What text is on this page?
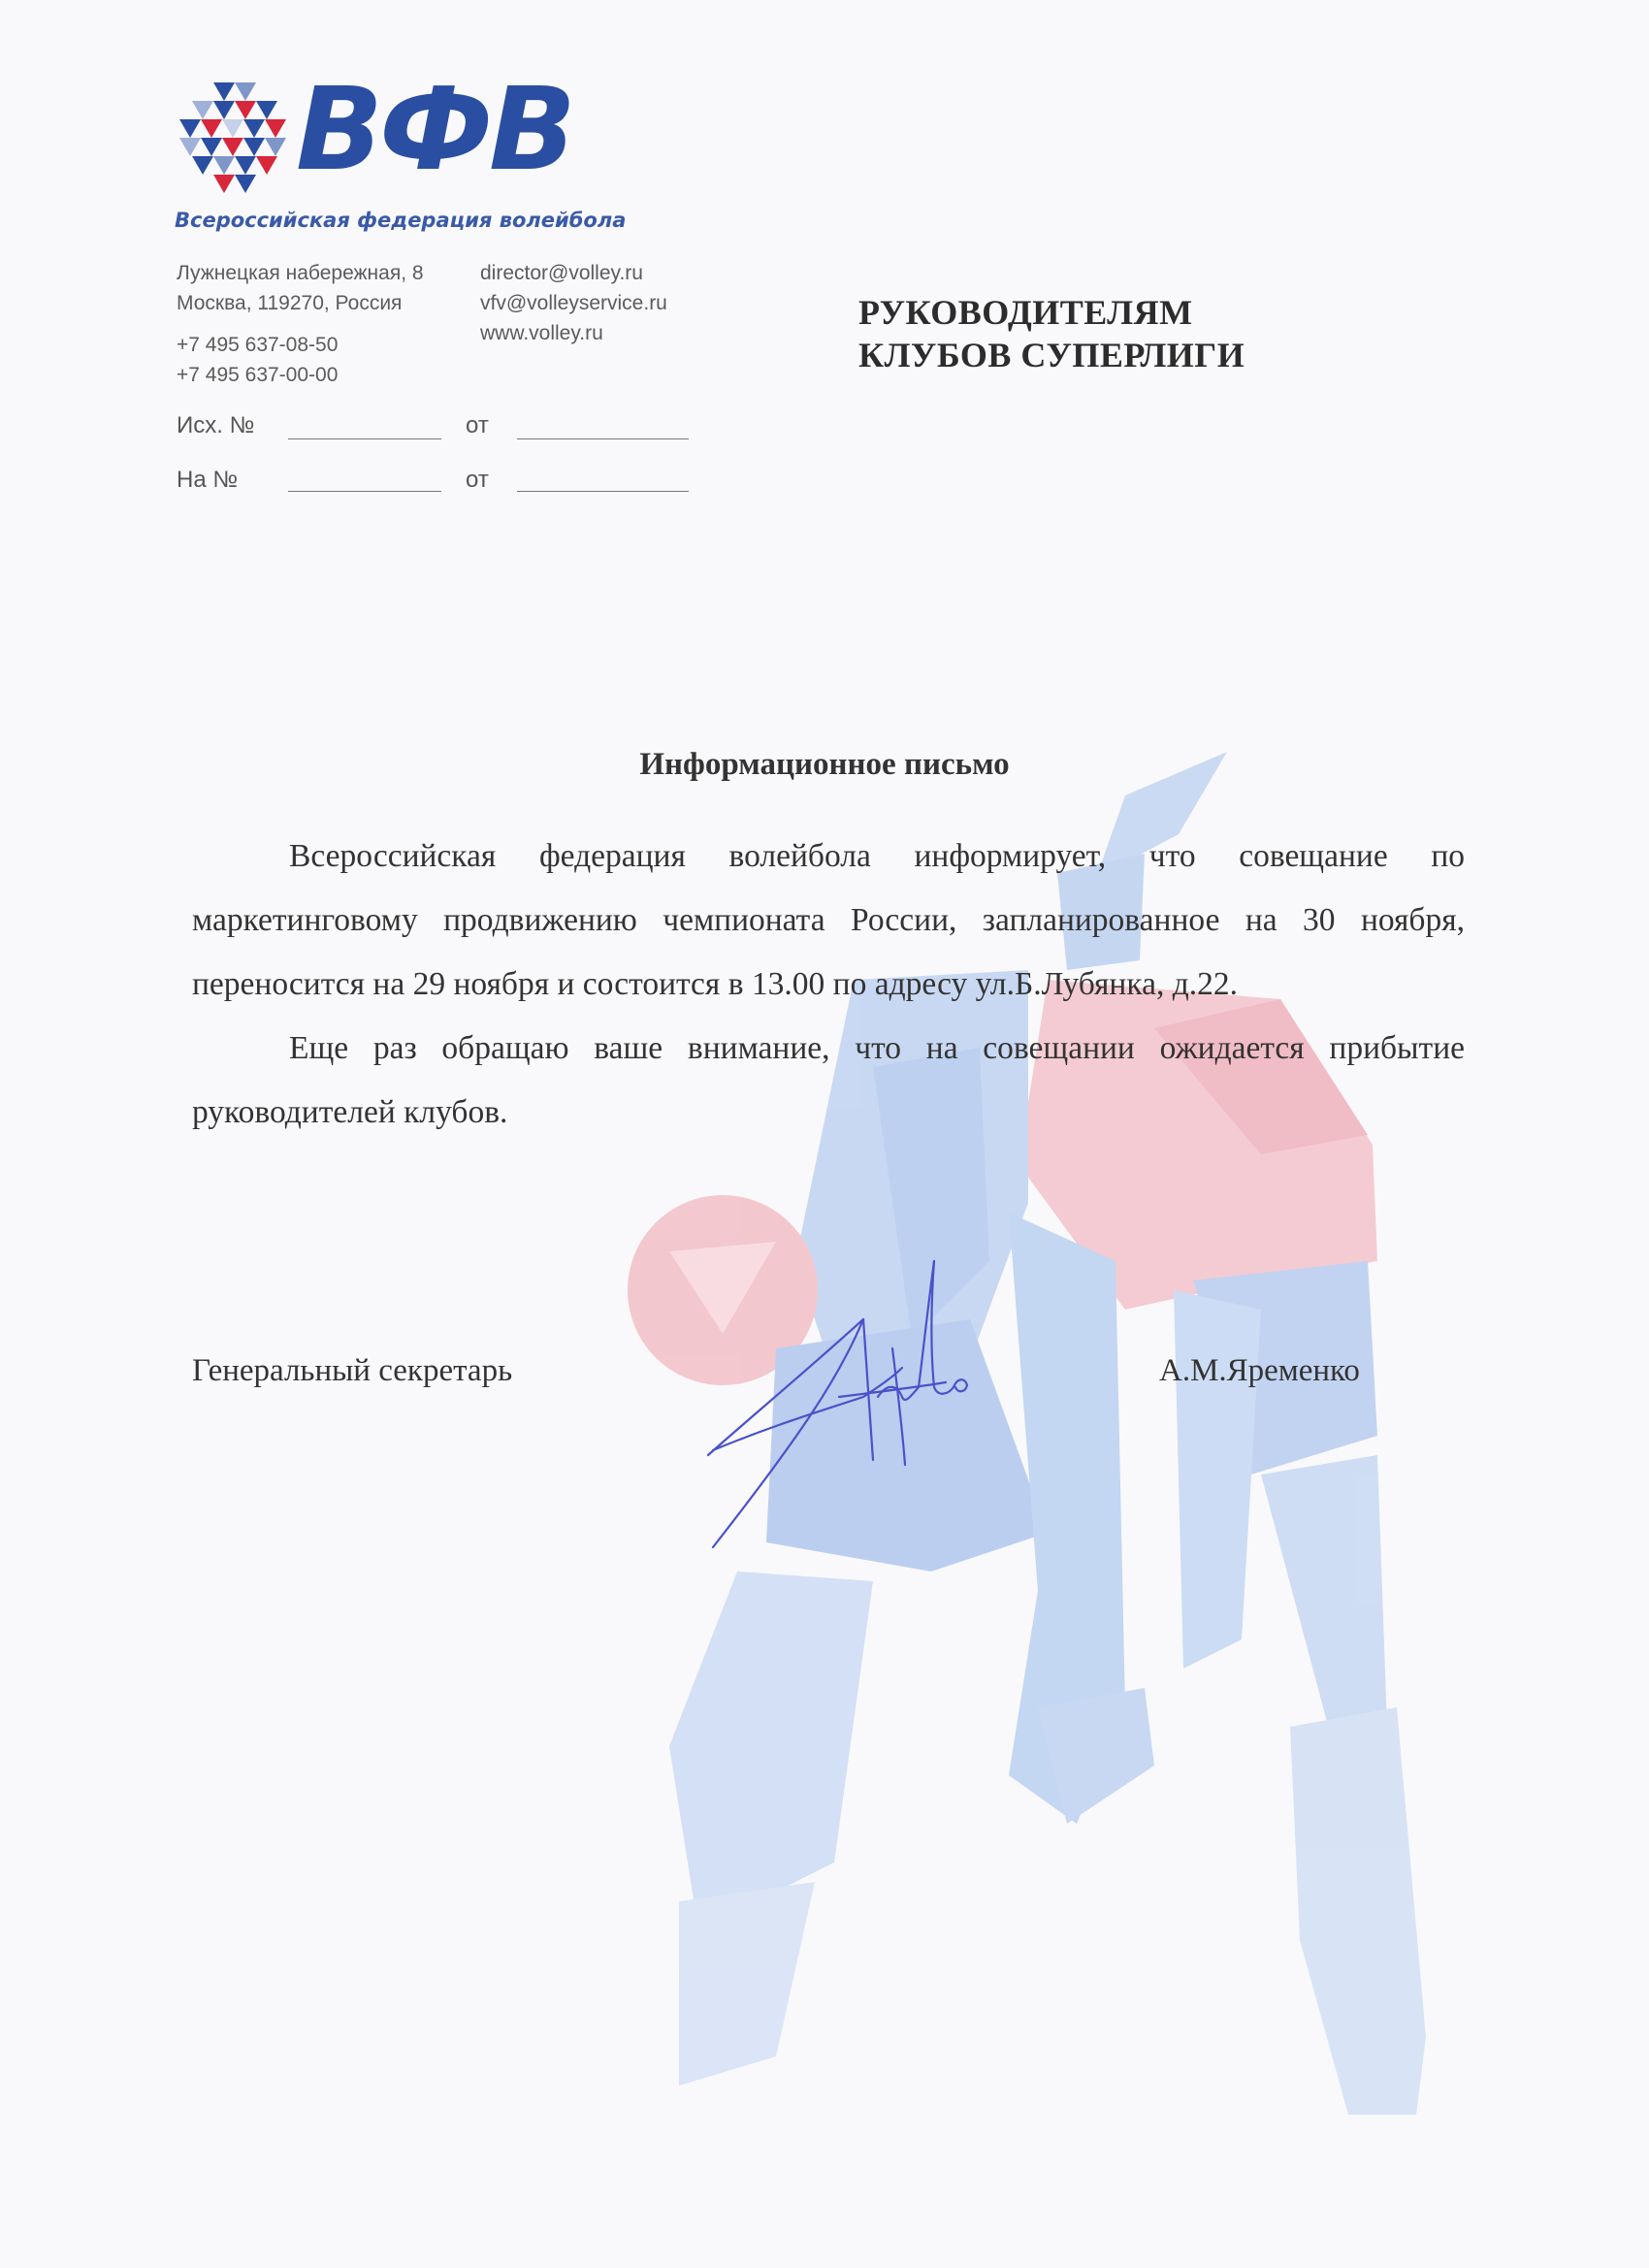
ВФВ
Всероссийская федерация волейбола
Лужнецкая набережная, 8
Москва, 119270, Россия
+7 495 637-08-50
+7 495 637-00-00
director@volley.ru
vfv@volleyservice.ru
www.volley.ru
Исх. №	от
На №	от
РУКОВОДИТЕЛЯМ
КЛУБОВ СУПЕРЛИГИ
Информационное письмо

Всероссийская федерация волейбола информирует, что совещание по маркетинговому продвижению чемпионата России, запланированное на 30 ноября, переносится на 29 ноября и состоится в 13.00 по адресу ул.Б.Лубянка, д.22.

Еще раз обращаю ваше внимание, что на совещании ожидается прибытие руководителей клубов.

Генеральный секретарь	А.М.Яременко
